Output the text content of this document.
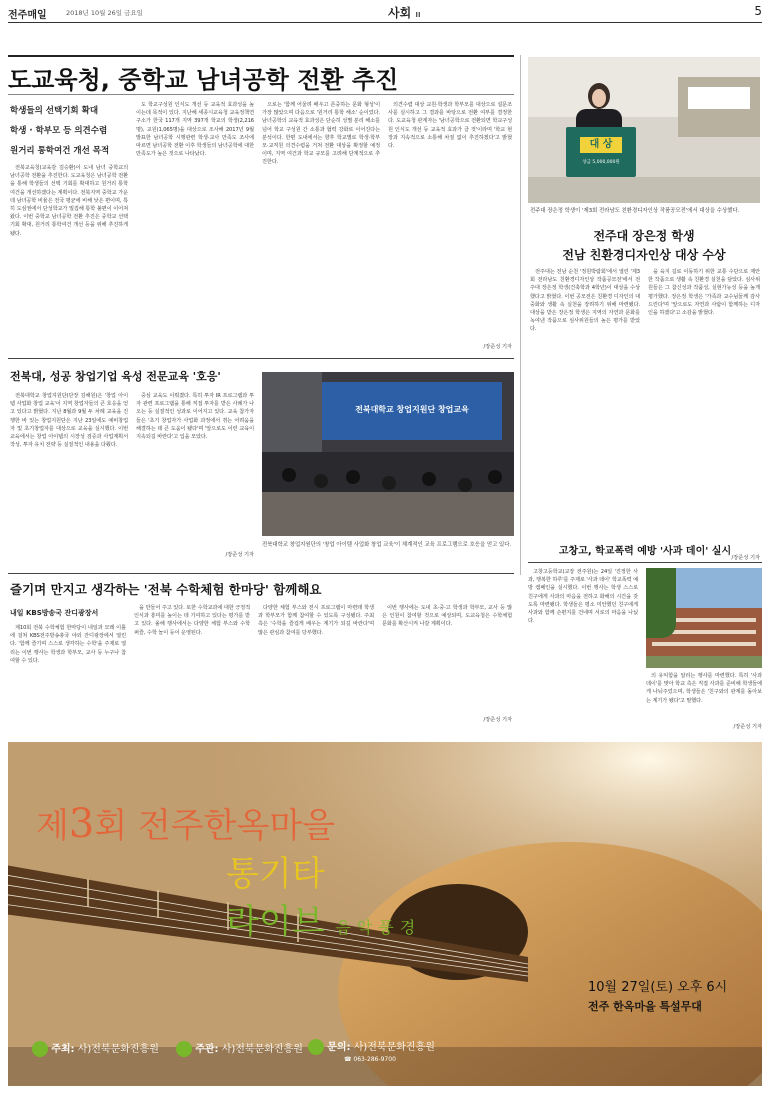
전주매일	2018년 10월 26일 금요일	사회 II	5
도교육청, 중학교 남녀공학 전환 추진
학생들의 선택기회 확대
학생 · 학부모 등 의견수렴
원거리 통학여건 개선 목적

전북교육청(교육감 김승환)이 도내 남녀 중학교의 남녀공학 전환을 추진한다. 도교육청은 남녀공학 전환을 통해 학생들의 선택 기회를 확대하고 원거리 통학 여건을 개선하겠다는 계획이다. 전북지역 중학교 가운데 남녀공학 비율은 전국 평균에 비해 낮은 편이며, 특히 도심권에서 단성학교가 밀집해 통학 불편이 이어져 왔다. 이번 중학교 남녀공학 전환 추진은 중학교 선택기회 확대, 원거리 통학여건 개선 등을 위해 추진하게 됐다.

도 학교구성원 인식도 개선 등 교육적 효과성을 높이는데 목적이 있다. 지난해 세종시교육청 교육정책연구소가 한국 117개 지역 397개 학교의 학생(2,216명), 교원(1,065명)을 대상으로 조사해 2017년 9월 발표한 남녀공학 시행관련 학생·교사 만족도 조사에 따르면 남녀공학 전환 이후 학생들의 남녀공학에 대한 만족도가 높은 것으로 나타났다.

으로는 '함께 어울려 배우고 존중하는 문화 형성'이 가장 많았으며 다음으로 '원거리 통학 해소' 순이었다. 남녀공학의 교육적 효과성은 단순히 성별 분리 해소를 넘어 학교 구성원 간 소통과 협력 강화로 이어진다는 분석이다. 한편 도내에서는 향후 학교별로 학생·학부모·교직원 의견수렴을 거쳐 전환 대상을 확정할 예정이며, 지역 여건과 학교 규모를 고려해 단계적으로 추진한다.

의견수렴 대상 교원·학생과 학부모를 대상으로 설문조사를 실시하고 그 결과를 바탕으로 전환 여부를 결정한다. 도교육청 관계자는 '남녀공학으로 전환되면 학교구성원 인식도 개선 등 교육적 효과가 클 것'이라며 '학교 현장과 지속적으로 소통해 차질 없이 추진하겠다'고 밝혔다.

/장준성 기자
대 상
상금 5,000,000원
전주대 장은정 학생이 '제3회 전라남도 친환경디자인상 작품공모전'에서 대상을 수상했다.
전주대 장은정 학생
전남 친환경디자인상 대상 수상

전주대는 전남 순천 '정원박람회'에서 열린 '제3회 전라남도 친환경디자인상 작품공모전'에서 전주대 장은정 학생(건축학과 4학년)이 대상을 수상했다고 밝혔다. 이번 공모전은 친환경 디자인의 대중화와 생활 속 실천을 장려하기 위해 마련됐다. 대상을 받은 장은정 학생은 지역의 자연과 문화를 녹여낸 작품으로 심사위원들의 높은 평가를 받았다.

을 육지 길로 이동하기 위한 교통 수단으로 제안한 작품으로 생활 속 친환경 실천을 담았다. 심사위원들은 그 참신성과 작품성, 실현가능성 등을 높게 평가했다. 장은정 학생은 '가족과 교수님들께 감사드린다'며 '앞으로도 자연과 사람이 함께하는 디자인을 하겠다'고 소감을 밝혔다.

/장준성 기자
전북대, 성공 창업기업 육성 전문교육 '호응'

전북대학교 창업지원단(단장 김해원)은 '창업 아이템 사업화 창업 교육'이 지역 창업자들의 큰 호응을 얻고 있다고 밝혔다. 지난 8월과 9월 두 차례 교육을 진행한 바 있는 창업지원단은 지난 23일에도 예비창업자 및 초기창업자를 대상으로 교육을 실시했다. 이번 교육에서는 창업 아이템의 시장성 검증과 사업계획서 작성, 투자 유치 전략 등 실질적인 내용을 다뤘다.

중심 교육도 이뤄졌다. 특히 투자 IR 프로그램과 투자 관련 프로그램을 통해 직접 투자를 받은 사례가 나오는 등 실질적인 성과로 이어지고 있다. 교육 참가자들은 '초기 창업자가 사업화 과정에서 겪는 어려움을 해결하는 데 큰 도움이 됐다'며 '앞으로도 이런 교육이 지속되길 바란다'고 입을 모았다.

/장준성 기자
전북대학교 창업지원단 창업교육
전북대학교 창업지원단의 '창업 아이템 사업화 창업 교육'이 체계적인 교육 프로그램으로 호응을 얻고 있다.
고창고, 학교폭력 예방 '사과 데이' 실시

고창고등학교(교장 전주원)는 24일 '진정한 사과, 행복한 하루'를 주제로 '사과 데이' 학교폭력 예방 캠페인을 실시했다. 이번 행사는 학생 스스로 친구에게 사과의 마음을 전하고 화해의 시간을 갖도록 마련됐다. 학생들은 평소 미안했던 친구에게 사과와 함께 손편지를 건네며 서로의 마음을 나눴다.

의 유익함을 알리는 행사를 마련했다. 특히 '사과 데이'를 맞아 학교 측은 직접 사과를 준비해 학생들에게 나눠주었으며, 학생들은 '친구와의 관계를 돌아보는 계기가 됐다'고 말했다.

/장준성 기자
즐기며 만지고 생각하는 '전북 수학체험 한마당' 함께해요
내일 KBS방송국 잔디광장서

제10회 전북 수학체험 한마당이 내일과 모레 이틀에 걸쳐 KBS전주방송총국 야외 잔디광장에서 열린다. '함께 즐기며 스스로 생각하는 수학'을 주제로 열리는 이번 행사는 학생과 학부모, 교사 등 누구나 참여할 수 있다.

을 만들어 주고 있다. 또한 수학교과에 대한 긍정적 인식과 흥미를 높이는 데 기여하고 있다는 평가를 받고 있다. 올해 행사에서는 다양한 체험 부스와 수학 퍼즐, 수학 놀이 등이 운영된다.

다양한 체험 부스와 전시 프로그램이 마련돼 학생과 학부모가 함께 참여할 수 있도록 구성됐다. 주최 측은 '수학을 즐겁게 배우는 계기가 되길 바란다'며 많은 관심과 참여를 당부했다.

이번 행사에는 도내 초·중·고 학생과 학부모, 교사 등 많은 인원이 참여할 것으로 예상되며, 도교육청은 수학체험 문화를 확산시켜 나갈 계획이다.

/장준성 기자
제3회 전주한옥마을
통기타
라이브 음악풍경
10월 27일(토) 오후 6시
전주 한옥마을 특설무대
주최: 사)전북문화진흥원	주관: 사)전북문화진흥원	문의: 사)전북문화진흥원
☎ 063-286-9700
